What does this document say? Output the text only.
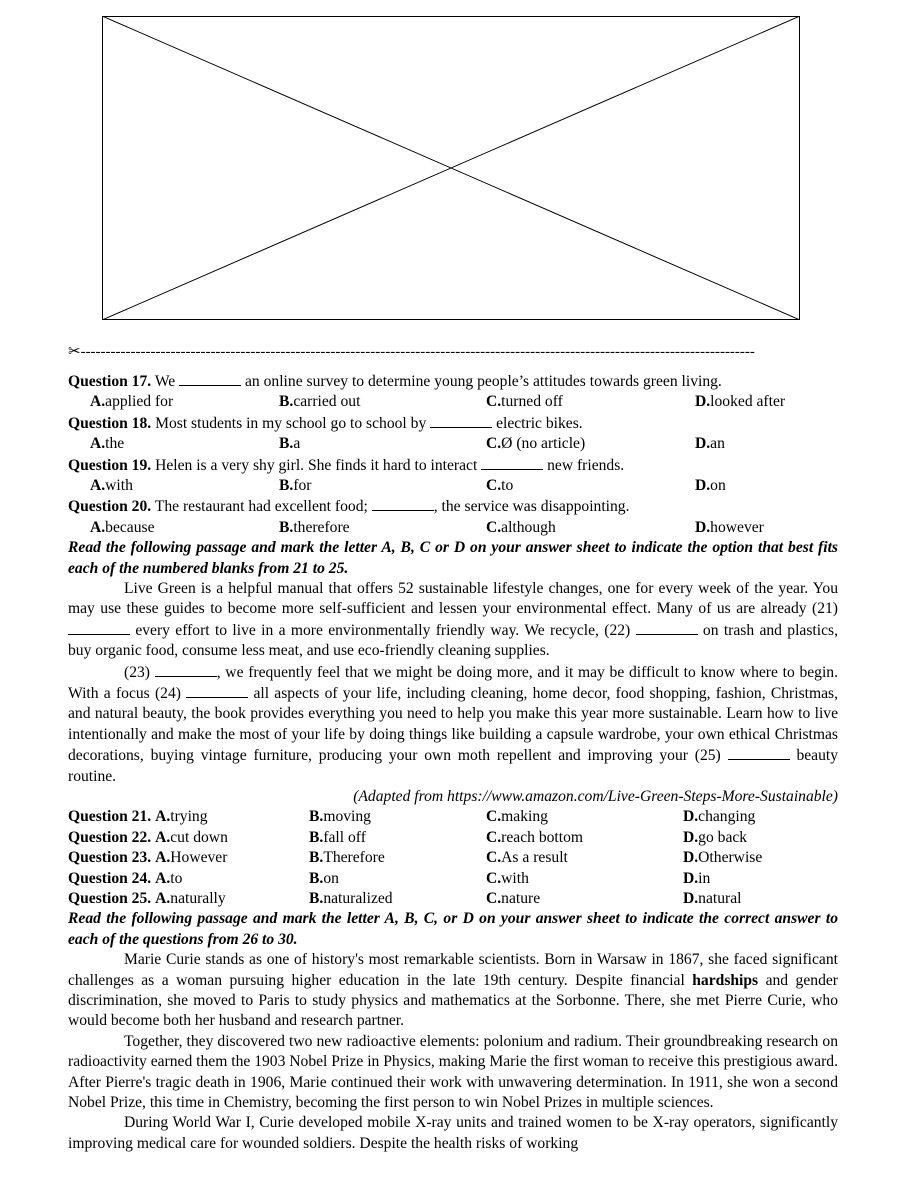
✂---------------------------------------------------------------------------------------------------------------------------------------

Question 17. We	an online survey to determine young people’s attitudes towards green living.

A. applied for	B. carried out	C. turned off	D. looked after

Question 18. Most students in my school go to school by	electric bikes.

A. the	B. a	C. Ø (no article)	D. an

Question 19. Helen is a very shy girl. She finds it hard to interact	new friends.

A. with	B. for	C. to	D. on

Question 20. The restaurant had excellent food;	, the service was disappointing.

A. because	B. therefore	C. although	D. however

Read the following passage and mark the letter A, B, C or D on your answer sheet to indicate the option that best fits each of the numbered blanks from 21 to 25.

Live Green is a helpful manual that offers 52 sustainable lifestyle changes, one for every week of the year. You may use these guides to become more self-sufficient and lessen your environmental effect. Many of us are already (21)  every effort to live in a more environmentally friendly way. We recycle, (22)	on trash and plastics, buy organic food, consume less meat, and use eco-friendly cleaning supplies.

(23)	, we frequently feel that we might be doing more, and it may be difficult to know where to begin. With a focus (24)	all aspects of your life, including cleaning, home decor, food shopping, fashion, Christmas, and natural beauty, the book provides everything you need to help you make this year more sustainable. Learn how to live intentionally and make the most of your life by doing things like building a capsule wardrobe, your own ethical Christmas decorations, buying vintage furniture, producing your own moth repellent and improving your (25)	beauty routine.

(Adapted from https://www.amazon.com/Live-Green-Steps-More-Sustainable)

Question 21. A. trying	B. moving	C. making	D. changing
Question 22. A. cut down	B. fall off	C. reach bottom	D. go back
Question 23. A. However	B. Therefore	C. As a result	D. Otherwise
Question 24. A. to	B. on	C. with	D. in
Question 25. A. naturally	B. naturalized	C. nature	D. natural

Read the following passage and mark the letter A, B, C, or D on your answer sheet to indicate the correct answer to each of the questions from 26 to 30.

Marie Curie stands as one of history's most remarkable scientists. Born in Warsaw in 1867, she faced significant challenges as a woman pursuing higher education in the late 19th century. Despite financial hardships and gender discrimination, she moved to Paris to study physics and mathematics at the Sorbonne. There, she met Pierre Curie, who would become both her husband and research partner.

Together, they discovered two new radioactive elements: polonium and radium. Their groundbreaking research on radioactivity earned them the 1903 Nobel Prize in Physics, making Marie the first woman to receive this prestigious award. After Pierre's tragic death in 1906, Marie continued their work with unwavering determination. In 1911, she won a second Nobel Prize, this time in Chemistry, becoming the first person to win Nobel Prizes in multiple sciences.

During World War I, Curie developed mobile X-ray units and trained women to be X-ray operators, significantly improving medical care for wounded soldiers. Despite the health risks of working
